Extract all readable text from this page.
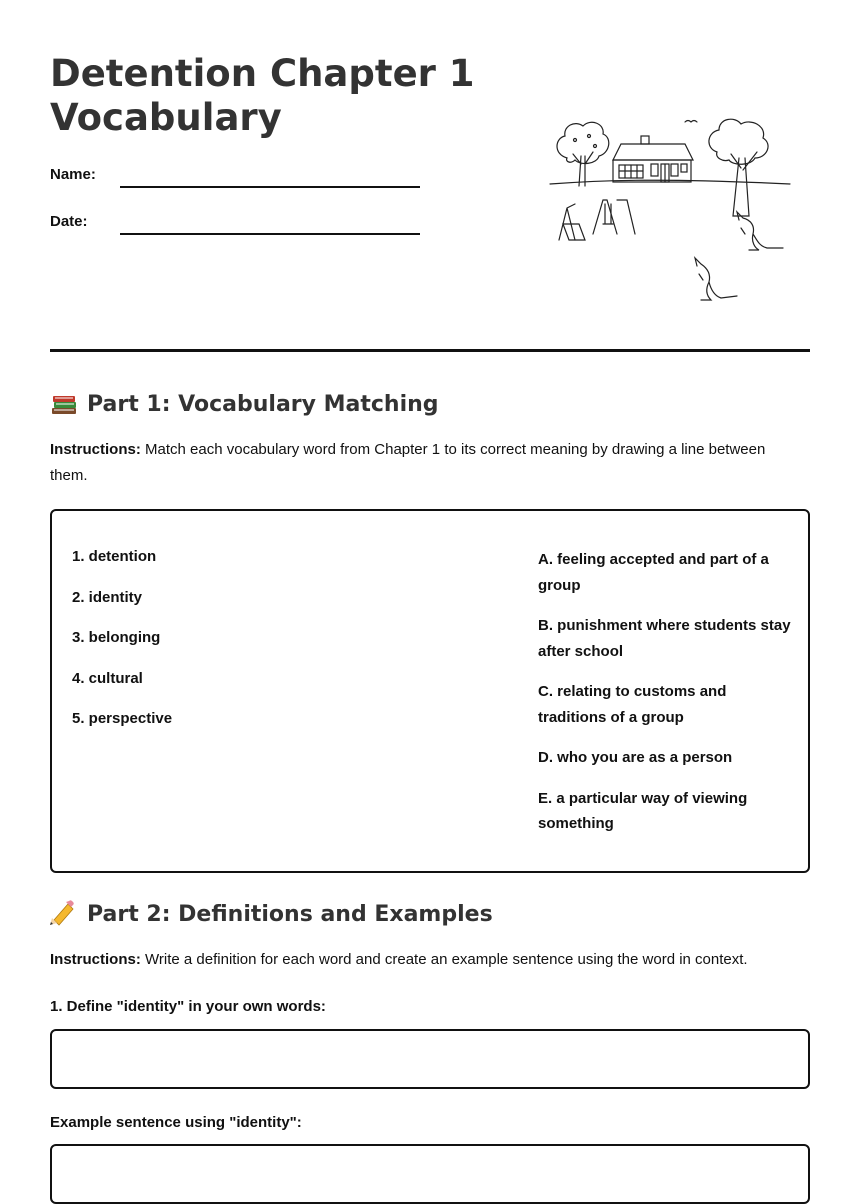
Detention Chapter 1
Vocabulary
Name:
Date:
Part 1: Vocabulary Matching

Instructions: Match each vocabulary word from Chapter 1 to its correct meaning by drawing a line between them.

1. detention
2. identity
3. belonging
4. cultural
5. perspective
A. feeling accepted and part of a group
B. punishment where students stay after school
C. relating to customs and traditions of a group
D. who you are as a person
E. a particular way of viewing something
Part 2: Definitions and Examples

Instructions: Write a definition for each word and create an example sentence using the word in context.

1. Define "identity" in your own words:
Example sentence using "identity":
